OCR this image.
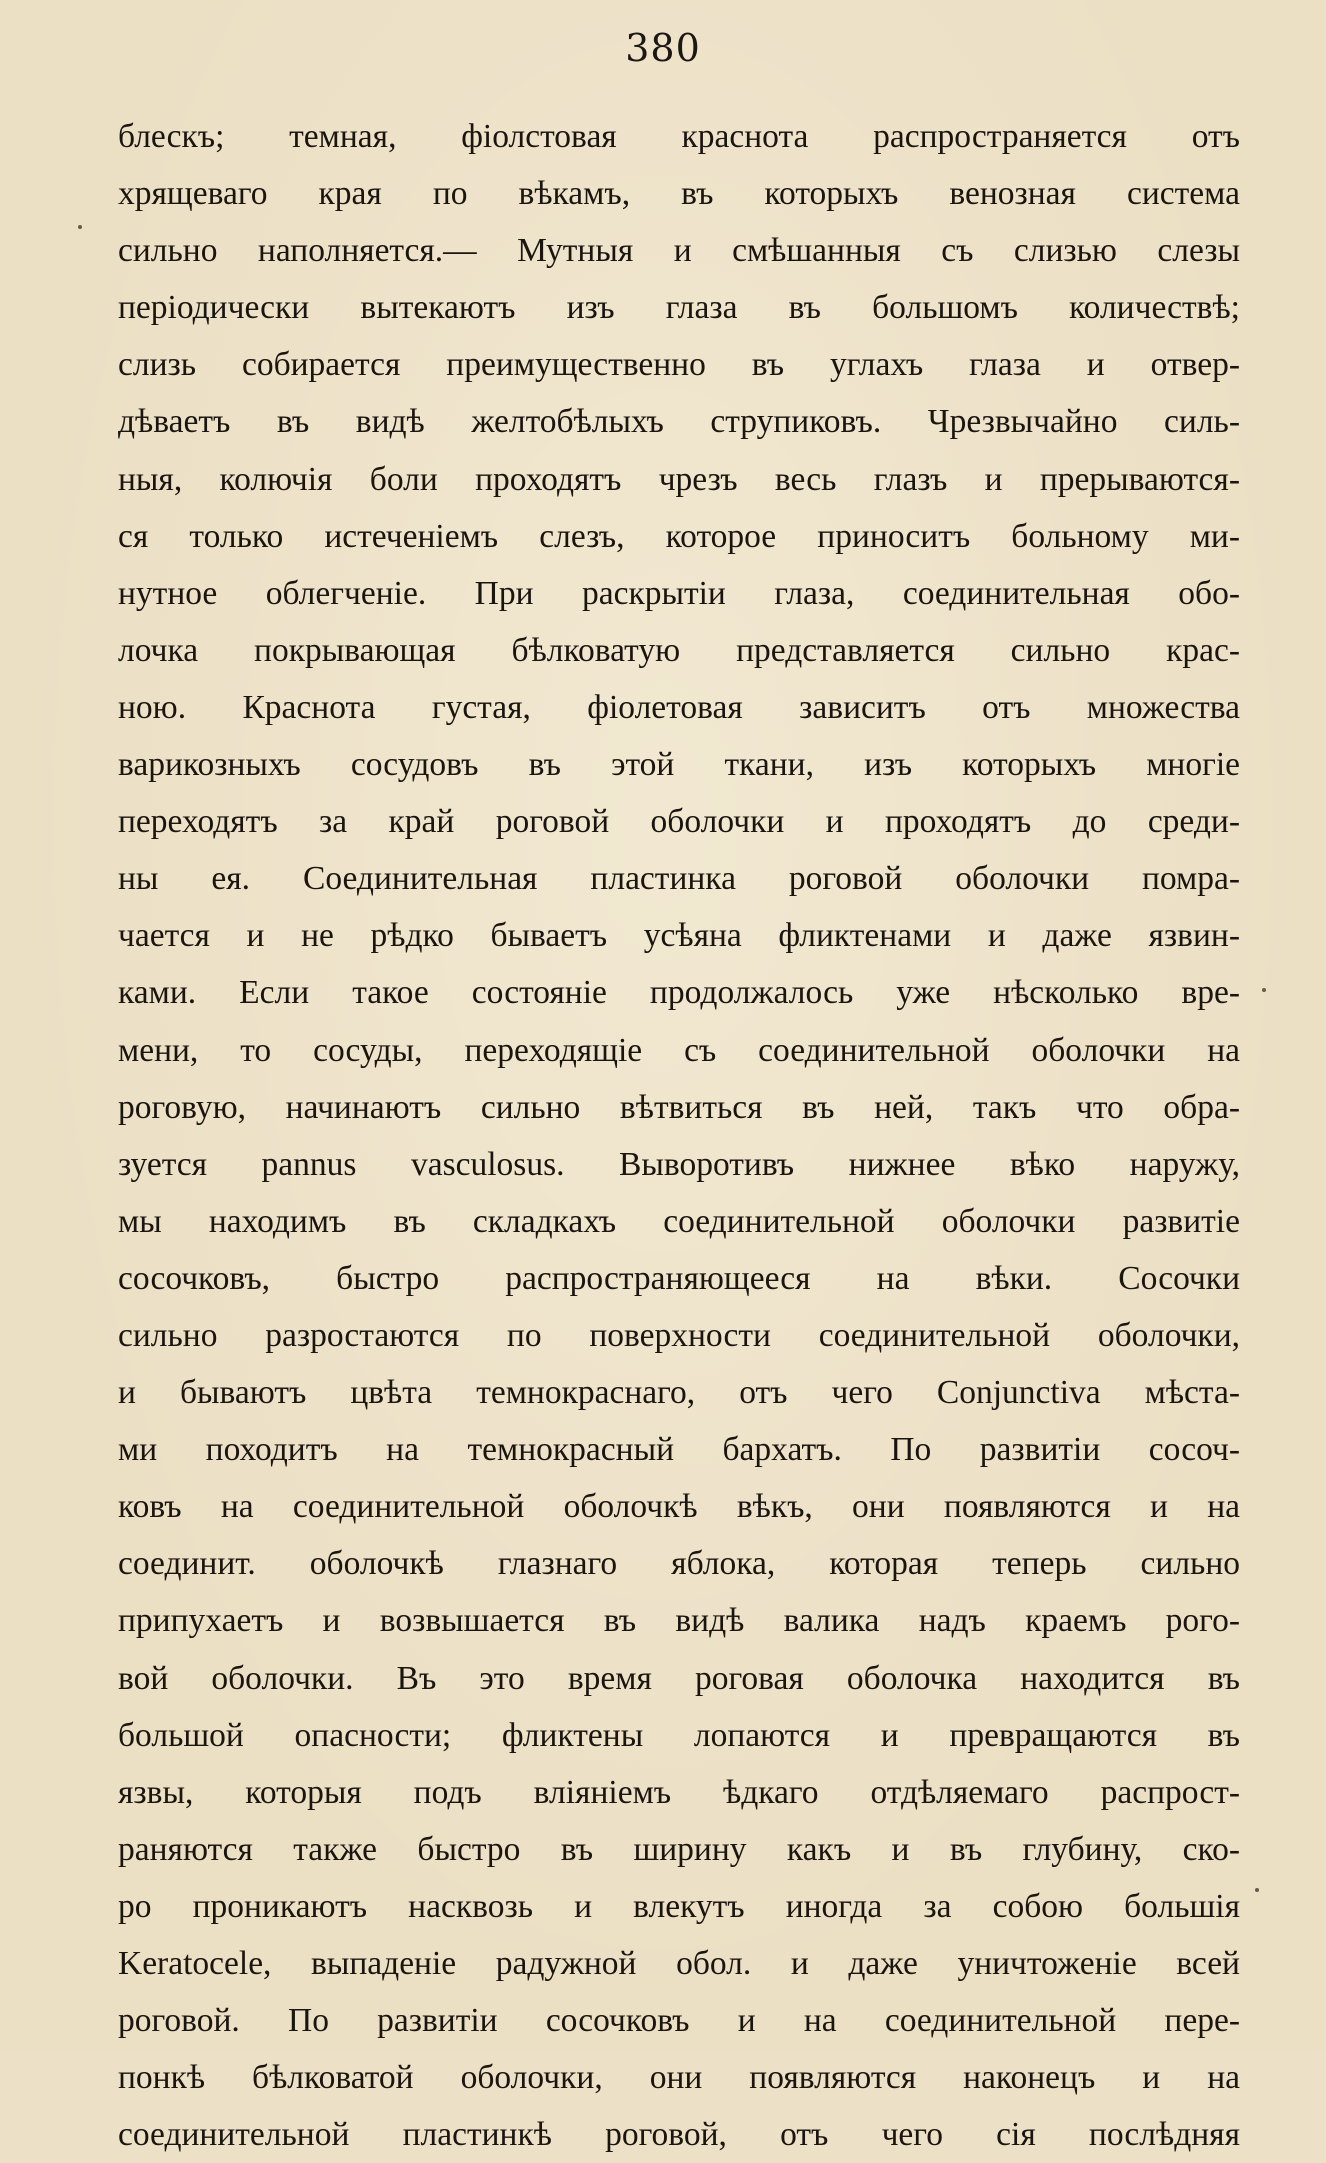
380
блескъ; темная, фіолстовая краснота распространяется отъ
хрящеваго края по вѣкамъ, въ которыхъ венозная система
сильно наполняется.— Мутныя и смѣшанныя съ слизью слезы
періодически вытекаютъ изъ глаза въ большомъ количествѣ;
слизь собирается преимущественно въ углахъ глаза и отвер-
дѣваетъ въ видѣ желтобѣлыхъ струпиковъ. Чрезвычайно силь-
ныя, колючія боли проходятъ чрезъ весь глазъ и прерываются-
ся только истеченіемъ слезъ, которое приноситъ больному ми-
нутное облегченіе. При раскрытіи глаза, соединительная обо-
лочка покрывающая бѣлковатую представляется сильно крас-
ною. Краснота густая, фіолетовая зависитъ отъ множества
варикозныхъ сосудовъ въ этой ткани, изъ которыхъ многіе
переходятъ за край роговой оболочки и проходятъ до среди-
ны ея. Соединительная пластинка роговой оболочки помра-
чается и не рѣдко бываетъ усѣяна фликтенами и даже язвин-
ками. Если такое состояніе продолжалось уже нѣсколько вре-
мени, то сосуды, переходящіе съ соединительной оболочки на
роговую, начинаютъ сильно вѣтвиться въ ней, такъ что обра-
зуется pannus vasculosus. Выворотивъ нижнее вѣко наружу,
мы находимъ въ складкахъ соединительной оболочки развитіе
сосочковъ, быстро распространяющееся на вѣки. Сосочки
сильно разростаются по поверхности соединительной оболочки,
и бываютъ цвѣта темнокраснаго, отъ чего Conjunctiva мѣста-
ми походитъ на темнокрасный бархатъ. По развитіи сосоч-
ковъ на соединительной оболочкѣ вѣкъ, они появляются и на
соединит. оболочкѣ глазнаго яблока, которая теперь сильно
припухаетъ и возвышается въ видѣ валика надъ краемъ рого-
вой оболочки. Въ это время роговая оболочка находится въ
большой опасности; фликтены лопаются и превращаются въ
язвы, которыя подъ вліяніемъ ѣдкаго отдѣляемаго распрост-
раняются также быстро въ ширину какъ и въ глубину, ско-
ро проникаютъ насквозь и влекутъ иногда за собою большія
Keratocele, выпаденіе радужной обол. и даже уничтоженіе всей
роговой. По развитіи сосочковъ и на соединительной пере-
понкѣ бѣлковатой оболочки, они появляются наконецъ и на
соединительной пластинкѣ роговой, отъ чего сія послѣдняя
